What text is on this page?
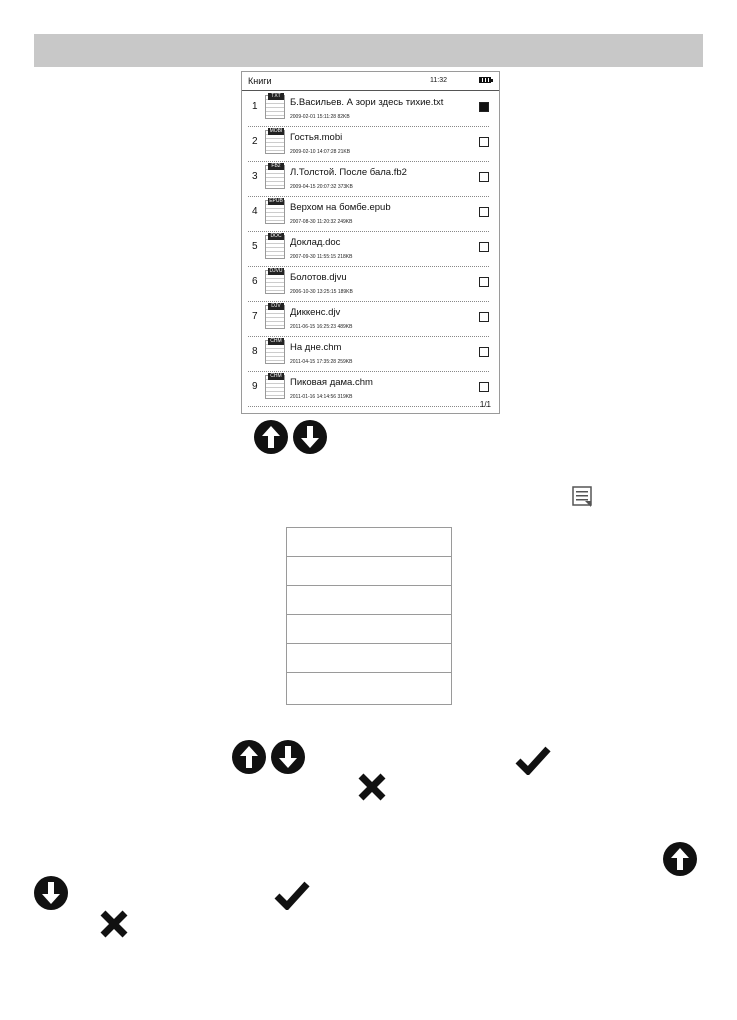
Книги	11:32
1
TXT
Б.Васильев. А зори здесь тихие.txt
2009-02-01 15:11:28 82KB
2
MOBI
Гостья.mobi
2009-02-10 14:07:28 21KB
3
FB2
Л.Толстой. После бала.fb2
2009-04-15 20:07:32 373KB
4
EPUB
Верхом на бомбе.epub
2007-08-30 11:20:32 249KB
5
DOC
Доклад.doc
2007-09-30 11:55:15 218KB
6
DJVU
Болотов.djvu
2006-10-30 13:25:15 189KB
7
DJV
Диккенс.djv
2011-06-15 16:25:23 489KB
8
CHM
На дне.chm
2011-04-15 17:35:28 259KB
9
CHM
Пиковая дама.chm
2011-01-16 14:14:56 319KB
1/1
